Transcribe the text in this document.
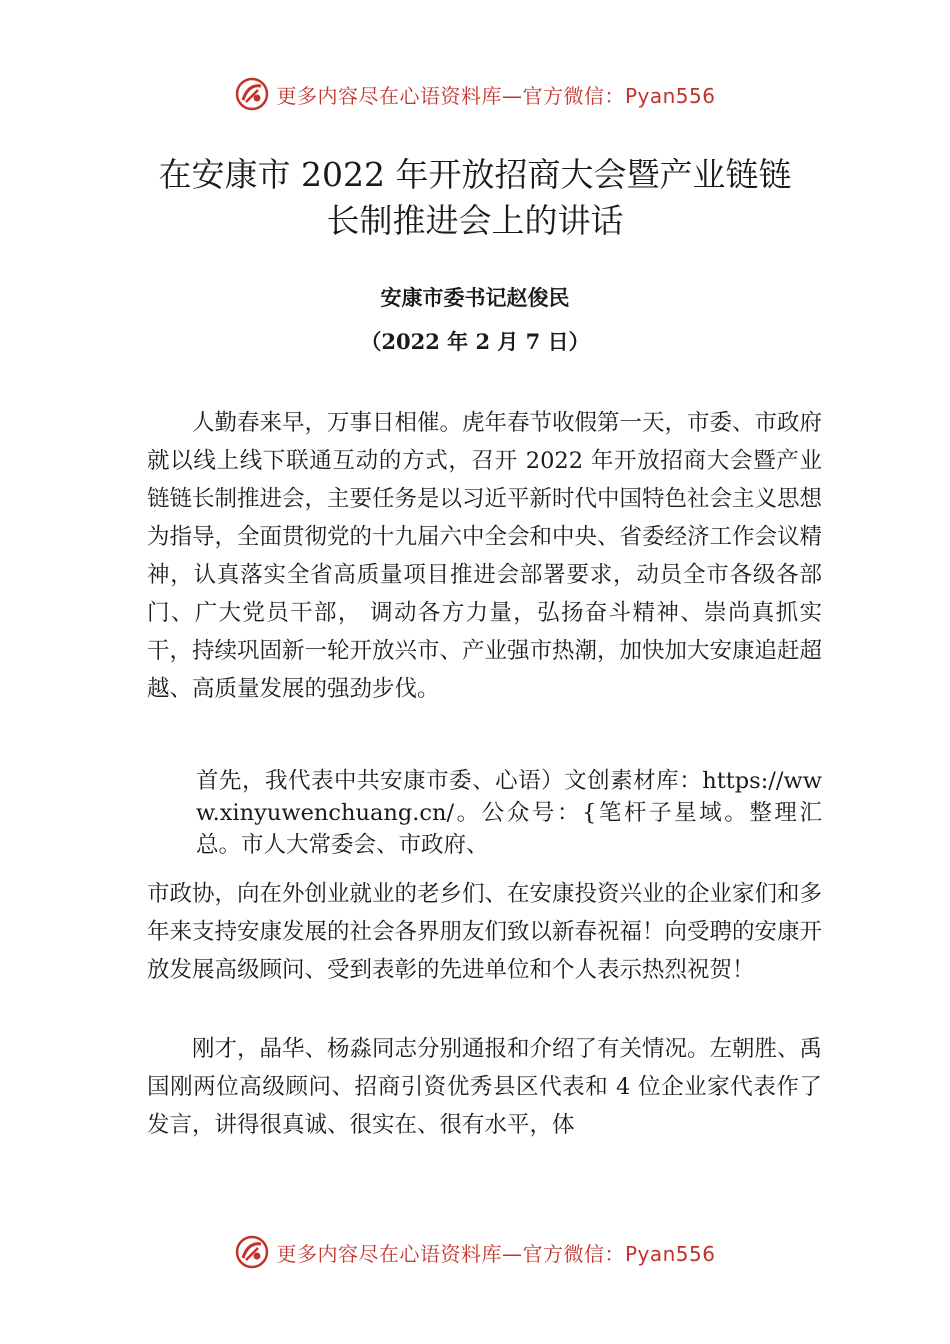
更多内容尽在心语资料库—官方微信：Pyan556
在安康市 2022 年开放招商大会暨产业链链
长制推进会上的讲话
安康市委书记赵俊民
（2022 年 2 月 7 日）

人勤春来早，万事日相催。虎年春节收假第一天，市委、市政府就以线上线下联通互动的方式，召开 2022 年开放招商大会暨产业链链长制推进会，主要任务是以习近平新时代中国特色社会主义思想为指导，全面贯彻党的十九届六中全会和中央、省委经济工作会议精神，认真落实全省高质量项目推进会部署要求，动员全市各级各部门、广大党员干部， 调动各方力量，弘扬奋斗精神、崇尚真抓实干，持续巩固新一轮开放兴市、产业强市热潮，加快加大安康追赶超越、高质量发展的强劲步伐。

首先，我代表中共安康市委、心语）文创素材库：https://www.xinyuwenchuang.cn/。公众号：{笔杆子星域。整理汇总。市人大常委会、市政府、

市政协，向在外创业就业的老乡们、在安康投资兴业的企业家们和多年来支持安康发展的社会各界朋友们致以新春祝福！向受聘的安康开放发展高级顾问、受到表彰的先进单位和个人表示热烈祝贺！

刚才，晶华、杨淼同志分别通报和介绍了有关情况。左朝胜、禹国刚两位高级顾问、招商引资优秀县区代表和 4 位企业家代表作了发言，讲得很真诚、很实在、很有水平，体

更多内容尽在心语资料库—官方微信：Pyan556
